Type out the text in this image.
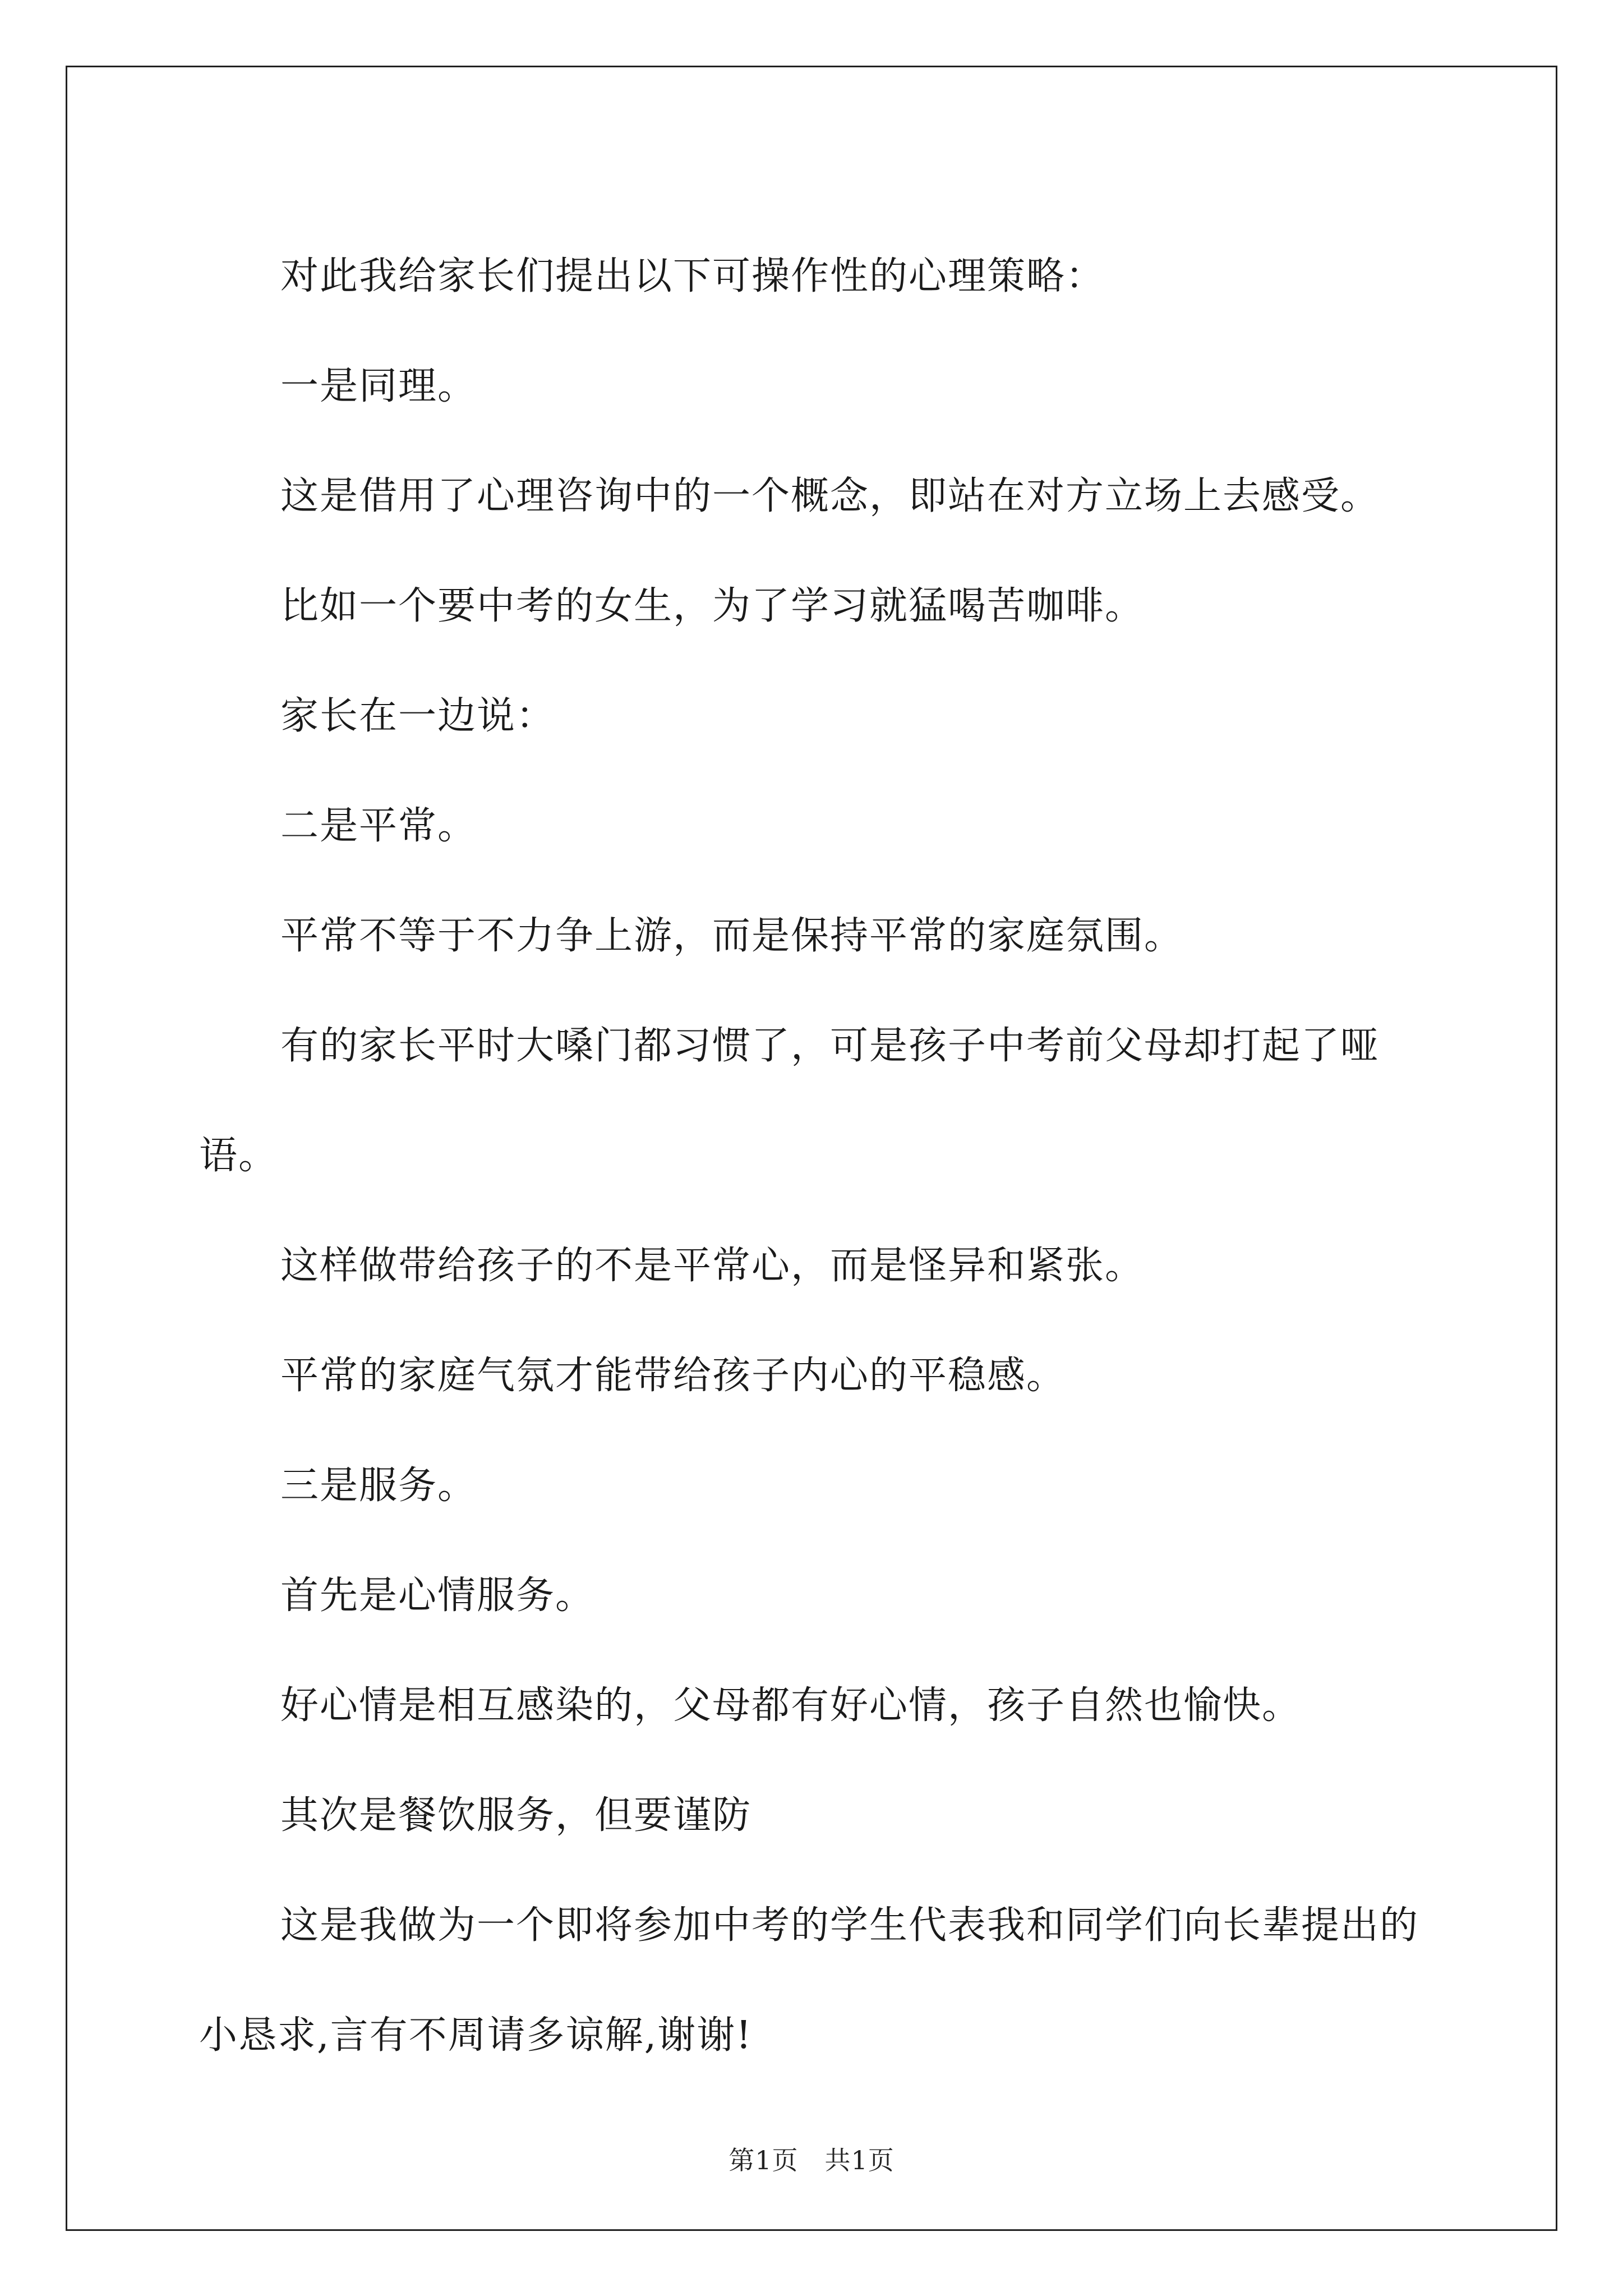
对此我给家长们提出以下可操作性的心理策略：

一是同理。

这是借用了心理咨询中的一个概念，即站在对方立场上去感受。

比如一个要中考的女生，为了学习就猛喝苦咖啡。

家长在一边说：

二是平常。

平常不等于不力争上游，而是保持平常的家庭氛围。

有的家长平时大嗓门都习惯了，可是孩子中考前父母却打起了哑语。

这样做带给孩子的不是平常心，而是怪异和紧张。

平常的家庭气氛才能带给孩子内心的平稳感。

三是服务。

首先是心情服务。

好心情是相互感染的，父母都有好心情，孩子自然也愉快。

其次是餐饮服务，但要谨防

这是我做为一个即将参加中考的学生代表我和同学们向长辈提出的小恳求,言有不周请多谅解,谢谢!

第1页 共1页
